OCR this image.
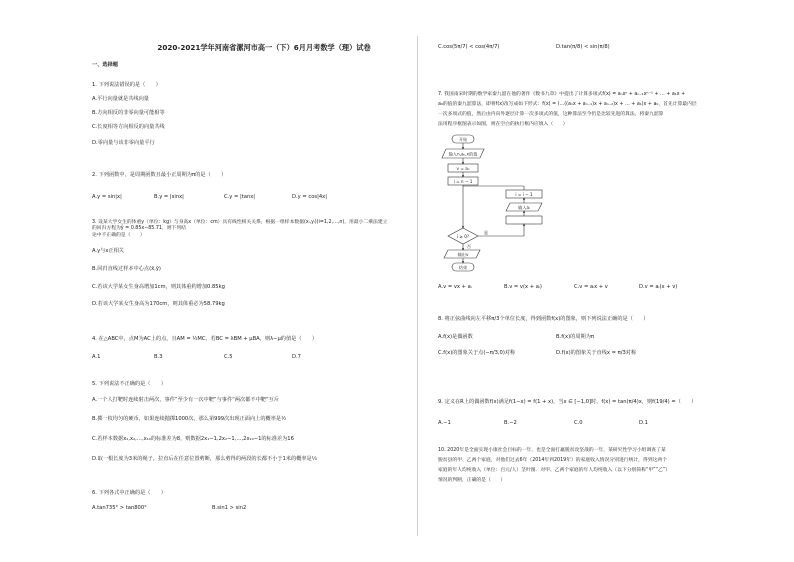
2020-2021学年河南省漯河市高一（下）6月月考数学（理）试卷
一、选择题
1. 下列说法错误的是（　　）
A.平行向量就是共线向量
B.方向相反的非零向量可能相等
C.长度相等方向相反的向量共线
D.零向量与该非零向量平行
2. 下列函数中，是周期函数且最小正周期为π的是（　　）
A.y = sin|x|	B.y = |sinx|	C.y = |tanx|	D.y = cos|4x|
3. 设某大学女生的体重y（单位：kg）与身高x（单位：cm）具有线性相关关系，根据一组样本数据(xᵢ,yᵢ)(i=1,2,…,n)，用最小二乘法建立的回归方程为ŷ = 0.85x−85.71，则下列结
论中不正确的是（　　）
A.y与x正相关
B.回归直线过样本中心点(x̄,ȳ)
C.若该大学某女生身高增加1cm，则其体重约增加0.85kg
D.若该大学某女生身高为170cm，则其体重必为58.79kg
4. 在△ABC中，点M为AC上的点，且AM = ½MC，若BC = λBM + μBA，则λ−μ的值是（　　）
A.1	B.3	C.5	D.7
5. 下列说法不正确的是（　　）
A.一个人打靶时连续射击两次，事件“至少有一次中靶”与事件“两次都不中靶”互斥
B.掷一枚均匀的硬币，如果连续抛掷1000次，那么第999次出现正面向上的概率是½
C.若样本数据x₁,x₂,…,x₁₀的标准差为8，则数据2x₁−1,2x₂−1,…,2x₁₀−1的标准差为16
D.取一根长度为3米的绳子，拉直后在任意位置剪断，那么剪得的两段的长都不小于1米的概率是⅓
6. 下列各式中正确的是（　　）
A.tan735° > tan800°	B.sin1 > sin2
C.cos(5π/7) < cos(4π/7)	D.tan(π/8) < sin(π/8)
7. 我国南宋时期的数学家秦九韶在他的著作《数书九章》中提出了计算多项式f(x) = aₙxⁿ + aₙ₋₁xⁿ⁻¹ + … + a₁x +
a₀的值的秦九韶算法，即将f(x)改写成如下形式：f(x) = (…((aₙx + aₙ₋₁)x + aₙ₋₂)x + … + a₁)x + a₀，首先计算最内层
一次多项式的值，然后由内向外逐层计算一次多项式的值，这种算法至今仍是比较先进的算法，将秦九韶算
法用程序框图表示如图，则在空白的执行框内应填入（　　）
开始
输入n,aₙ,x的值
v = aₙ
i = n − 1
i ≥ 0?
是
否
输出v
结束
i = i − 1
输入aᵢ
A.v = vx + aᵢ	B.v = v(x + aᵢ)	C.v = aᵢx + v	D.v = aᵢ(x + v)
8. 将正弦曲线向左平移π/3个单位长度，得到函数f(x)的图象，则下列说法正确的是（　　）
A.f(x)是偶函数	B.f(x)的周期为π
C.f(x)的图象关于点(−π/3,0)对称	D.f(x)的图象关于直线x = π/3对称
9. 定义在R上的偶函数f(x)满足f(1−x) = f(1 + x)，当x ∈ [−1,0]时，f(x) = tan(π/4)x，则f(19/4) =（　　）
A.−1	B.−2	C.0	D.1
10. 2020年是全面实现小康社会目标的一年，也是全面打赢脱贫攻坚战的一年，某研究性学习小组调查了某
脱贫县的甲、乙两个家庭，对他们过去6年（2014年到2019年）的家庭收入情况分别进行统计，得到这两个
家庭的年人均纯收入（单位：百元/人）茎叶图．对甲、乙两个家庭的年人均纯收入（以下分别简称“甲”“乙”）
情况的判断，正确的是（　　）
